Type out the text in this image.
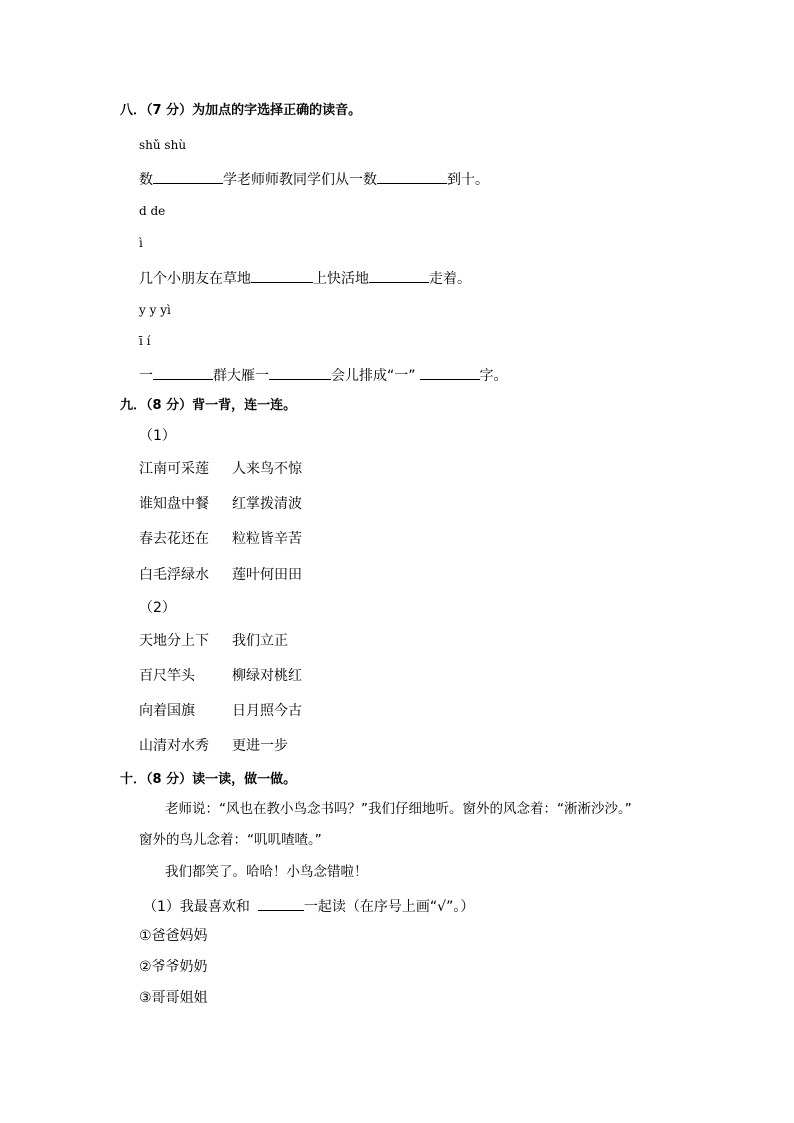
八．（7 分）为加点的字选择正确的读音。
shǔ shù
数	学老师师教同学们从一数	到十。
d de
ì
几个小朋友在草地	上快活地	走着。
y y yì
ī í
一	群大雁一	会儿排成“一”	字。
九．（8 分）背一背，连一连。
（1）
江南可采莲 人来鸟不惊
谁知盘中餐 红掌拨清波
春去花还在 粒粒皆辛苦
白毛浮绿水 莲叶何田田
（2）
天地分上下 我们立正
百尺竿头	柳绿对桃红
向着国旗	日月照今古
山清对水秀 更进一步
十．（8 分）读一读，做一做。
老师说：“风也在教小鸟念书吗？”我们仔细地听。窗外的风念着：“淅淅沙沙。”
窗外的鸟儿念着：“叽叽喳喳。”
我们都笑了。哈哈！小鸟念错啦！
（1）我最喜欢和	一起读（在序号上画“√”。）
①爸爸妈妈
②爷爷奶奶
③哥哥姐姐
